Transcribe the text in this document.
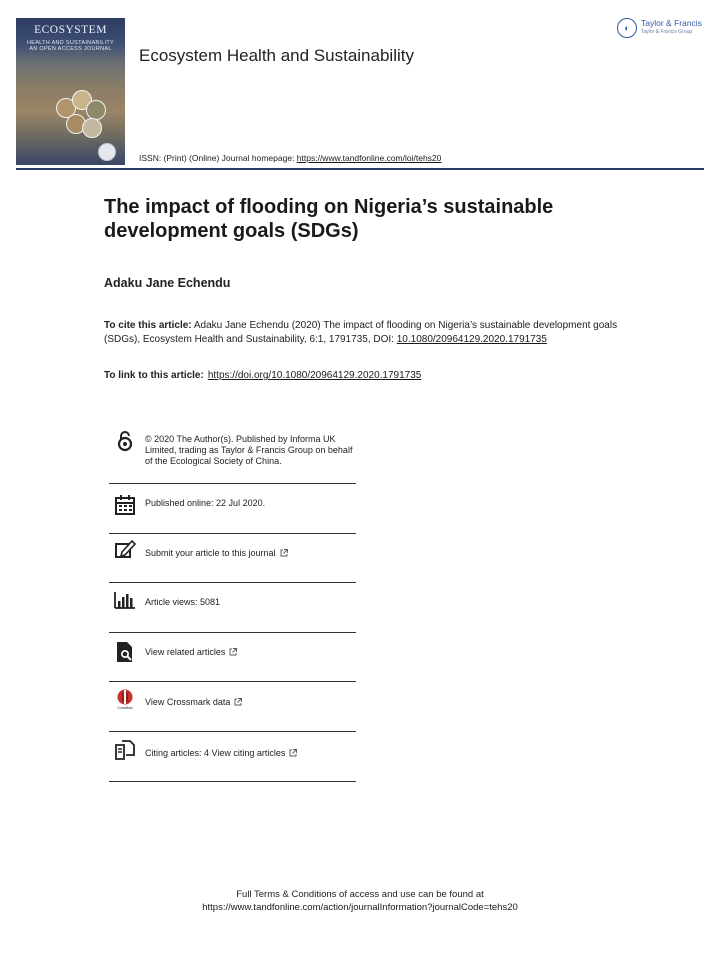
ECOSYSTEM
HEALTH AND SUSTAINABILITY
AN OPEN ACCESS JOURNAL	Ecosystem Health and Sustainability
◐	Taylor & Francis
Taylor & Francis Group
ISSN: (Print) (Online) Journal homepage: https://www.tandfonline.com/loi/tehs20
The impact of flooding on Nigeria’s sustainable development goals (SDGs)
Adaku Jane Echendu
To cite this article: Adaku Jane Echendu (2020) The impact of flooding on Nigeria’s sustainable development goals (SDGs), Ecosystem Health and Sustainability, 6:1, 1791735, DOI: 10.1080/20964129.2020.1791735
To link to this article: https://doi.org/10.1080/20964129.2020.1791735
© 2020 The Author(s). Published by Informa UK Limited, trading as Taylor & Francis Group on behalf of the Ecological Society of China.
Published online: 22 Jul 2020.
Submit your article to this journal
Article views: 5081
View related articles
CrossMark
View Crossmark data
Citing articles: 4 View citing articles
Full Terms & Conditions of access and use can be found at
https://www.tandfonline.com/action/journalInformation?journalCode=tehs20
